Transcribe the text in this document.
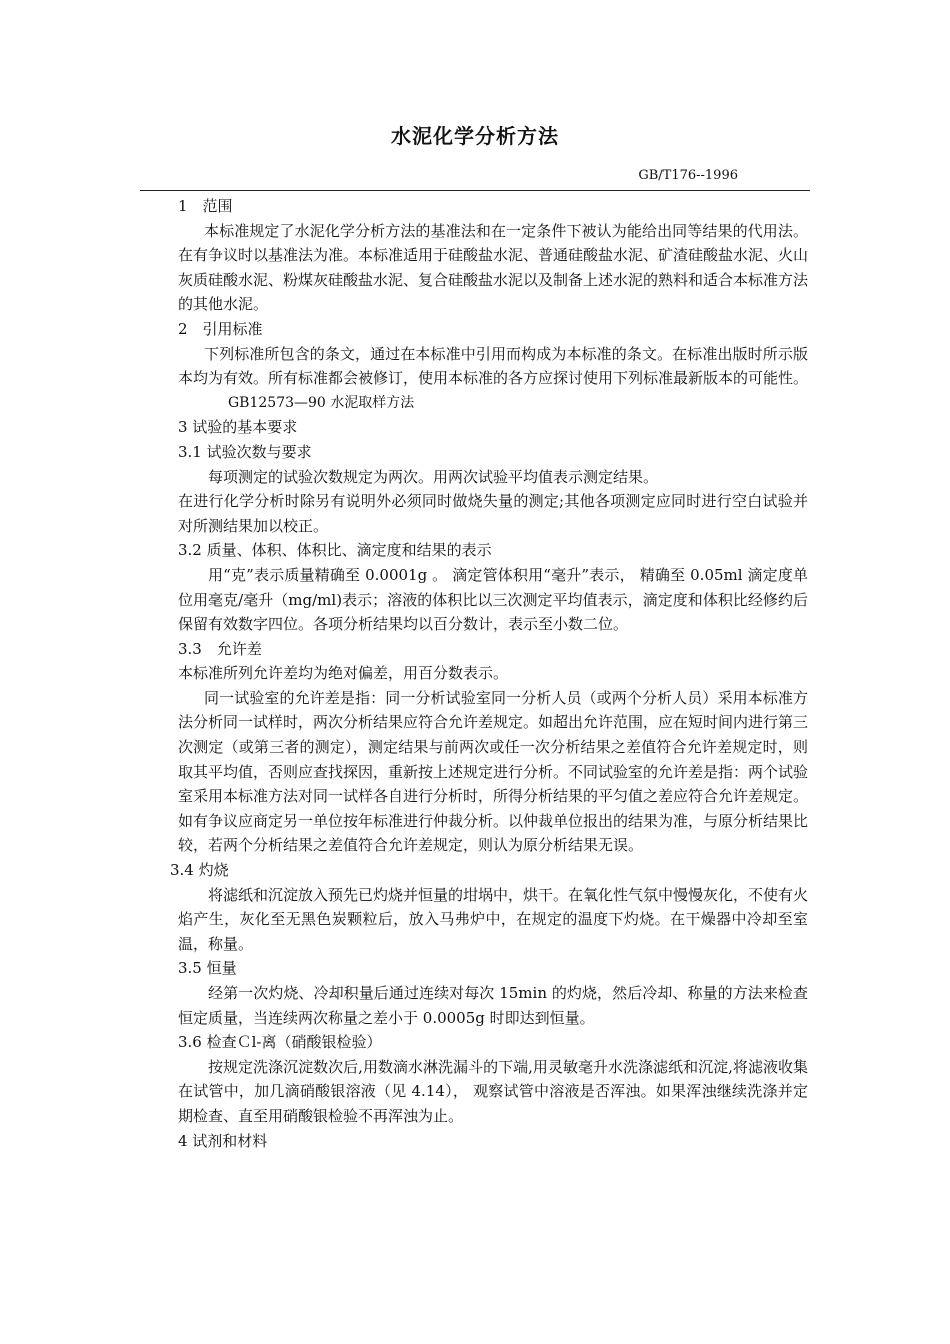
水泥化学分析方法
GB/T176--1996

1　范围

本标准规定了水泥化学分析方法的基准法和在一定条件下被认为能给出同等结果的代用法。在有争议时以基准法为准。本标准适用于硅酸盐水泥、普通硅酸盐水泥、矿渣硅酸盐水泥、火山灰质硅酸水泥、粉煤灰硅酸盐水泥、复合硅酸盐水泥以及制备上述水泥的熟料和适合本标准方法的其他水泥。

2　引用标准

下列标准所包含的条文，通过在本标准中引用而构成为本标准的条文。在标准出版时所示版本均为有效。所有标准都会被修订，使用本标准的各方应探讨使用下列标准最新版本的可能性。

GB12573—90 水泥取样方法

3 试验的基本要求

3.1 试验次数与要求

每项测定的试验次数规定为两次。用两次试验平均值表示测定结果。

在进行化学分析时除另有说明外必须同时做烧失量的测定;其他各项测定应同时进行空白试验并对所测结果加以校正。

3.2 质量、体积、体积比、滴定度和结果的表示

用“克”表示质量精确至 0.0001g 。 滴定管体积用“毫升”表示， 精确至 0.05ml 滴定度单位用毫克/毫升（mg/ml)表示；溶液的体积比以三次测定平均值表示，滴定度和体积比经修约后保留有效数字四位。各项分析结果均以百分数计，表示至小数二位。

3.3　允许差

本标准所列允许差均为绝对偏差，用百分数表示。

同一试验室的允许差是指：同一分析试验室同一分析人员（或两个分析人员）采用本标准方法分析同一试样时，两次分析结果应符合允许差规定。如超出允许范围，应在短时间内进行第三次测定（或第三者的测定），测定结果与前两次或任一次分析结果之差值符合允许差规定时，则取其平均值，否则应查找探因，重新按上述规定进行分析。不同试验室的允许差是指：两个试验室采用本标准方法对同一试样各自进行分析时，所得分析结果的平匀值之差应符合允许差规定。如有争议应商定另一单位按年标准进行仲裁分析。以仲裁单位报出的结果为准，与原分析结果比较，若两个分析结果之差值符合允许差规定，则认为原分析结果无误。

3.4 灼烧

将滤纸和沉淀放入预先已灼烧并恒量的坩埚中，烘干。在氧化性气氛中慢慢灰化，不使有火焰产生，灰化至无黑色炭颗粒后，放入马弗炉中，在规定的温度下灼烧。在干燥器中冷却至室温，称量。

3.5 恒量

经第一次灼烧、冷却积量后通过连续对每次 15min 的灼烧，然后冷却、称量的方法来检查恒定质量，当连续两次称量之差小于 0.0005g 时即达到恒量。

3.6 检查Ｃl-离（硝酸银检验）

按规定洗涤沉淀数次后,用数滴水淋洗漏斗的下端,用灵敏毫升水洗涤滤纸和沉淀,将滤液收集在试管中，加几滴硝酸银溶液（见 4.14）， 观察试管中溶液是否浑浊。如果浑浊继续洗涤并定期检查、直至用硝酸银检验不再浑浊为止。

4 试剂和材料
